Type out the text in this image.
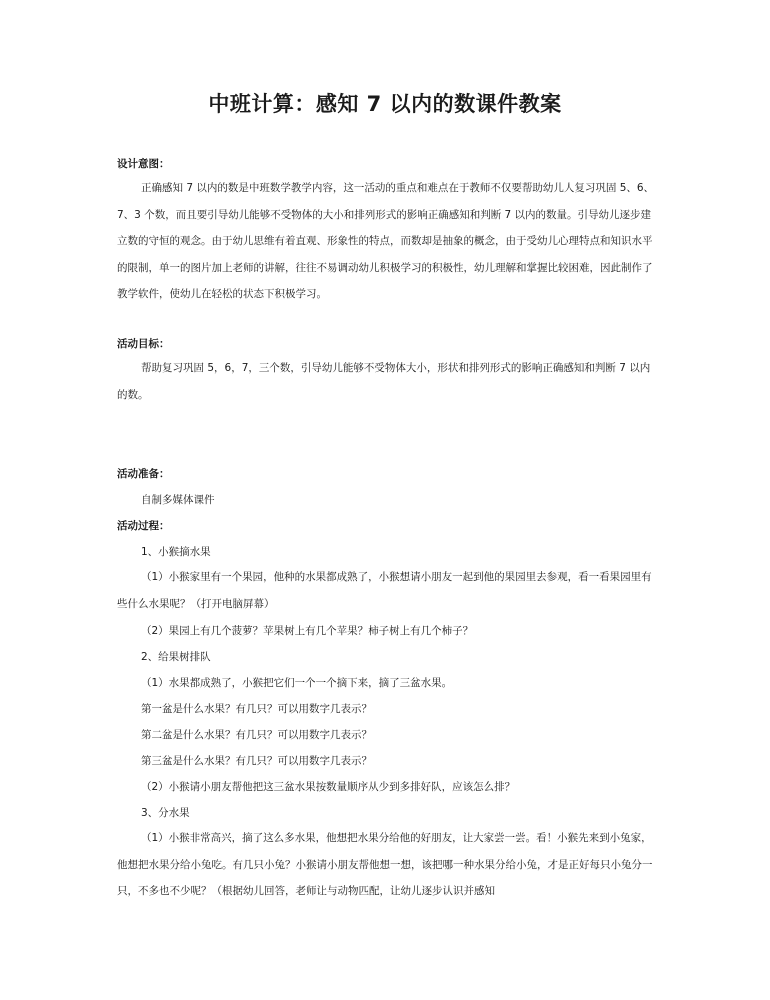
中班计算：感知 7 以内的数课件教案

设计意图：

正确感知 7 以内的数是中班数学教学内容，这一活动的重点和难点在于教师不仅要帮助幼儿人复习巩固 5、6、7、3 个数，而且要引导幼儿能够不受物体的大小和排列形式的影响正确感知和判断 7 以内的数量。引导幼儿逐步建立数的守恒的观念。由于幼儿思维有着直观、形象性的特点，而数却是抽象的概念，由于受幼儿心理特点和知识水平的限制，单一的图片加上老师的讲解，往往不易调动幼儿积极学习的积极性，幼儿理解和掌握比较困难，因此制作了教学软件，使幼儿在轻松的状态下积极学习。

活动目标：

帮助复习巩固 5，6，7，三个数，引导幼儿能够不受物体大小，形状和排列形式的影响正确感知和判断 7 以内的数。

活动准备：

自制多媒体课件

活动过程：

1、小猴摘水果

（1）小猴家里有一个果园，他种的水果都成熟了，小猴想请小朋友一起到他的果园里去参观，看一看果园里有些什么水果呢？（打开电脑屏幕）

（2）果园上有几个菠萝？苹果树上有几个苹果？柿子树上有几个柿子？

2、给果树排队

（1）水果都成熟了，小猴把它们一个一个摘下来，摘了三盆水果。

第一盆是什么水果？有几只？可以用数字几表示？

第二盆是什么水果？有几只？可以用数字几表示？

第三盆是什么水果？有几只？可以用数字几表示？

（2）小猴请小朋友帮他把这三盆水果按数量顺序从少到多排好队，应该怎么排？

3、分水果

（1）小猴非常高兴，摘了这么多水果，他想把水果分给他的好朋友，让大家尝一尝。看！小猴先来到小兔家，他想把水果分给小兔吃。有几只小兔？小猴请小朋友帮他想一想，该把哪一种水果分给小兔，才是正好每只小兔分一只，不多也不少呢？（根据幼儿回答，老师让与动物匹配，让幼儿逐步认识并感知
